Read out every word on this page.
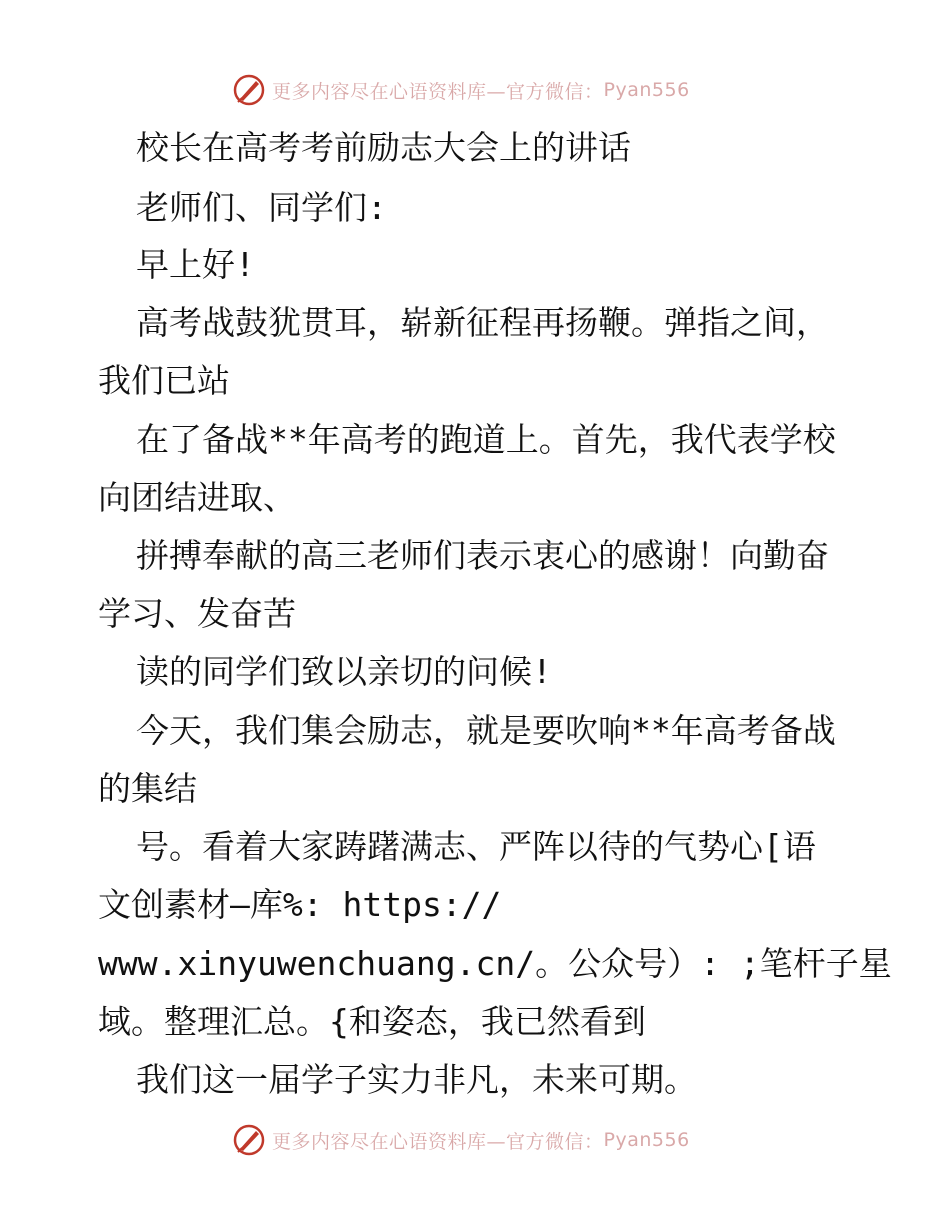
更多内容尽在心语资料库—官方微信： Pyan556
校长在高考考前励志大会上的讲话
老师们、同学们:
早上好!
高考战鼓犹贯耳，崭新征程再扬鞭。弹指之间，
我们已站
在了备战**年高考的跑道上。首先，我代表学校
向团结进取、
拼搏奉献的高三老师们表示衷心的感谢！向勤奋
学习、发奋苦
读的同学们致以亲切的问候!
今天，我们集会励志，就是要吹响**年高考备战
的集结
号。看着大家踌躇满志、严阵以待的气势心[语
文创素材—库%: https://
www.xinyuwenchuang.cn/。公众号）: ;笔杆子星
域。整理汇总。{和姿态，我已然看到
我们这一届学子实力非凡，未来可期。
更多内容尽在心语资料库—官方微信： Pyan556
